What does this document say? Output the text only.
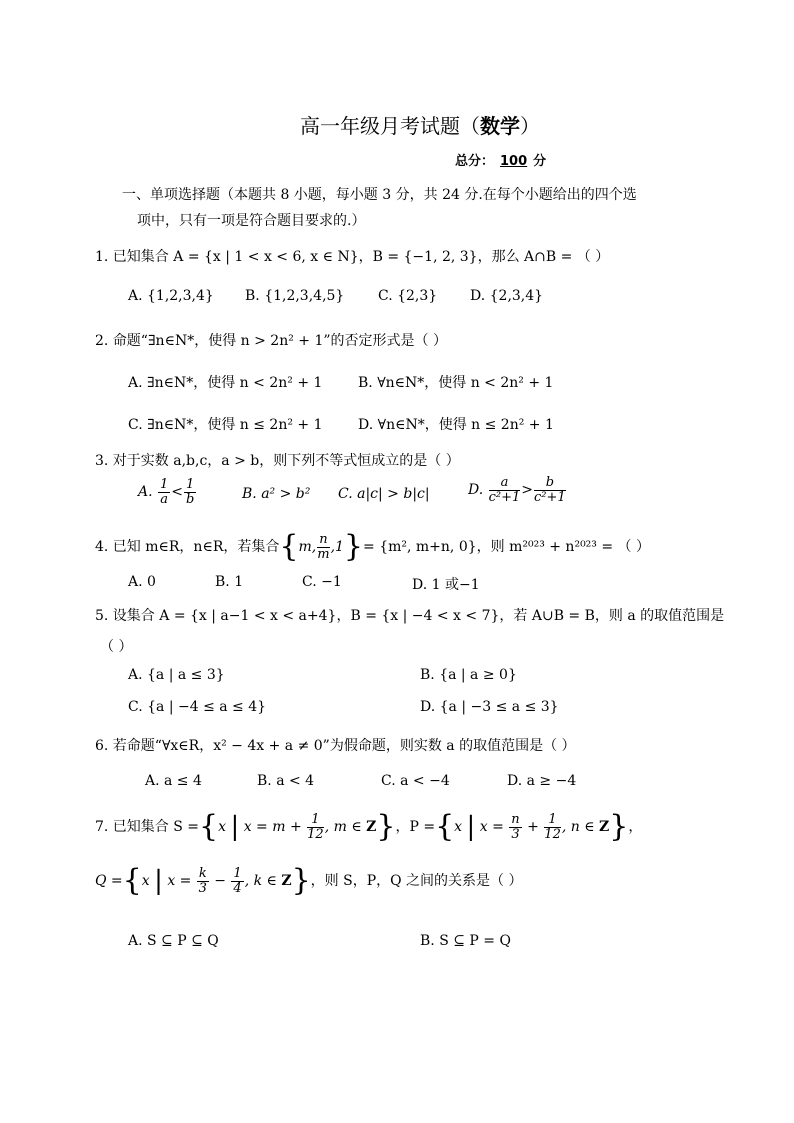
高一年级月考试题（数学）
总分： 100 分
一、单项选择题（本题共 8 小题，每小题 3 分，共 24 分.在每个小题给出的四个选
项中，只有一项是符合题目要求的.）
1. 已知集合 A = {x | 1 < x < 6, x ∈ N}，B = {−1, 2, 3}，那么 A∩B = （ ）
A. {1,2,3,4} B. {1,2,3,4,5} C. {2,3} D. {2,3,4}
2. 命题“∃n∈N*，使得 n > 2n² + 1”的否定形式是（ ）
A. ∃n∈N*，使得 n < 2n² + 1	B. ∀n∈N*，使得 n < 2n² + 1
C. ∃n∈N*，使得 n ≤ 2n² + 1	D. ∀n∈N*，使得 n ≤ 2n² + 1
3. 对于实数 a,b,c，a > b，则下列不等式恒成立的是（ ）
A. $\frac{1}{a} < \frac{1}{b}$	B. a² > b² C. a|c| > b|c|	D. $\frac{a}{\text{c²+1}} > \frac{b}{\text{c²+1}}$
4. 已知 m∈R，n∈R，若集合{m, $\frac{n}{m} ,1\}= \{m^2$, m+n, 0}，则 m²⁰²³ + n²⁰²³ = （ ）
A. 0	B. 1	C. −1	D. 1 或−1
5. 设集合 A = {x | a−1 < x < a+4}，B = {x | −4 < x < 7}，若 A∪B = B，则 a 的取值范围是
（ ）
A. {a | a ≤ 3}	B. {a | a ≥ 0}
C. {a | −4 ≤ a ≤ 4}	D. {a | −3 ≤ a ≤ 3}
6. 若命题“∀x∈R，x² − 4x + a ≠ 0”为假命题，则实数 a 的取值范围是（ ）
A. a ≤ 4	B. a < 4	C. a < −4	D. a ≥ −4
7. 已知集合 S ={x | $x = m + \frac{1}{12}$ , m ∈ Z}，P ={x | $x = \frac{n}{3} + \frac{1}{12}$ , n ∈ Z}，
Q ={x | $x = \frac{k}{3} - \frac{1}{4}$ , k ∈ Z}，则 S，P，Q 之间的关系是（ ）
A. S ⊆ P ⊆ Q	B. S ⊆ P = Q
